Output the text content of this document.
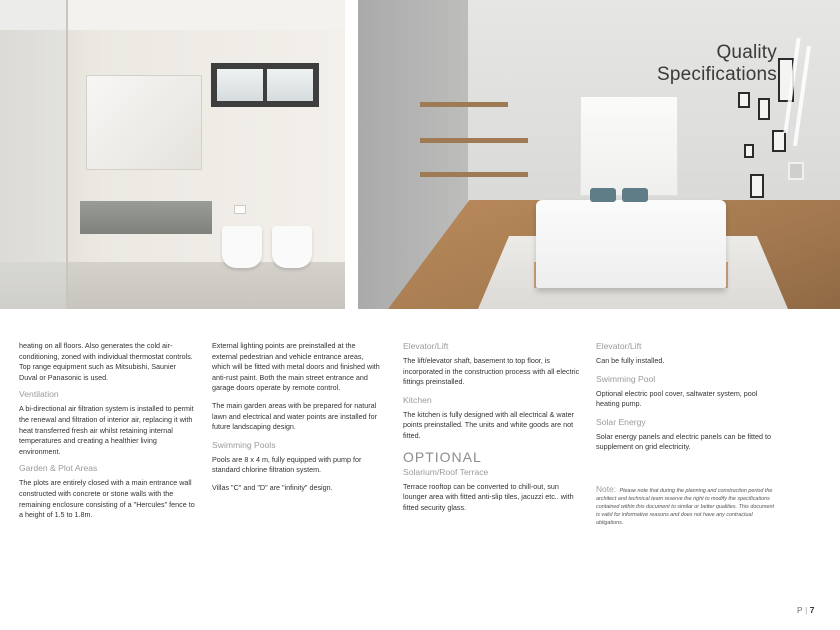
Quality
Specifications

heating on all floors. Also generates the cold air-conditioning, zoned with individual thermostat controls. Top range equipment such as Mitsubishi, Saunier Duval or Panasonic is used.

Ventilation

A bi-directional air filtration system is installed to permit the renewal and filtration of interior air, replacing it with heat transferred fresh air whilst retaining internal temperatures and creating a healthier living environment.

Garden & Plot Areas

The plots are entirely closed with a main entrance wall constructed with concrete or stone walls with the remaining enclosure consisting of a "Hercules" fence to a height of 1.5 to 1.8m.

External lighting points are preinstalled at the external pedestrian and vehicle entrance areas, which will be fitted with metal doors and finished with anti-rust paint. Both the main street entrance and garage doors operate by remote control.

The main garden areas with be prepared for natural lawn and electrical and water points are installed for future landscaping design.

Swimming Pools

Pools are 8 x 4 m, fully equipped with pump for standard chlorine filtration system.

Villas "C" and "D" are "infinity" design.

Elevator/Lift

The lift/elevator shaft, basement to top floor, is incorporated in the construction process with all electric fittings preinstalled.

Kitchen

The kitchen is fully designed with all electrical & water points preinstalled. The units and white goods are not fitted.

OPTIONAL
Solarium/Roof Terrace

Terrace rooftop can be converted to chill-out, sun lounger area with fitted anti-slip tiles, jacuzzi etc.. with fitted security glass.

Elevator/Lift

Can be fully installed.

Swimming Pool

Optional electric pool cover, saltwater system, pool heating pump.

Solar Energy

Solar energy panels and electric panels can be fitted to supplement on grid electricity.

Note: Please note that during the planning and construction period the architect and technical team reserve the right to modify the specifications contained within this document to similar or better qualities. This document is valid for informative reasons and does not have any contractual obligations.
P | 7
